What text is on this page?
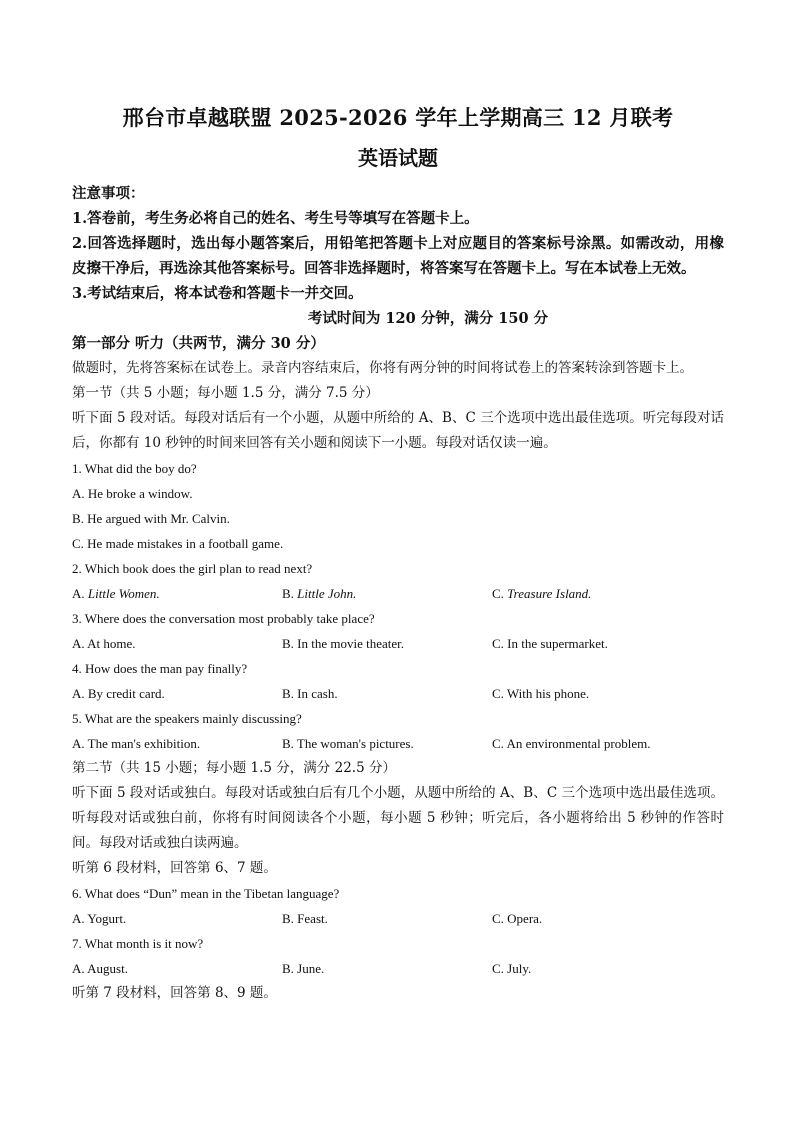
邢台市卓越联盟 2025-2026 学年上学期高三 12 月联考
英语试题
注意事项：
1.答卷前，考生务必将自己的姓名、考生号等填写在答题卡上。
2.回答选择题时，选出每小题答案后，用铅笔把答题卡上对应题目的答案标号涂黑。如需改动，用橡皮擦干净后，再选涂其他答案标号。回答非选择题时，将答案写在答题卡上。写在本试卷上无效。
3.考试结束后，将本试卷和答题卡一并交回。
考试时间为 120 分钟，满分 150 分
第一部分 听力（共两节，满分 30 分）
做题时，先将答案标在试卷上。录音内容结束后，你将有两分钟的时间将试卷上的答案转涂到答题卡上。
第一节（共 5 小题；每小题 1.5 分，满分 7.5 分）
听下面 5 段对话。每段对话后有一个小题，从题中所给的 A、B、C 三个选项中选出最佳选项。听完每段对话后，你都有 10 秒钟的时间来回答有关小题和阅读下一小题。每段对话仅读一遍。
1. What did the boy do?
A. He broke a window.
B. He argued with Mr. Calvin.
C. He made mistakes in a football game.
2. Which book does the girl plan to read next?
A. Little Women.	B. Little John.	C. Treasure Island.
3. Where does the conversation most probably take place?
A. At home.	B. In the movie theater.	C. In the supermarket.
4. How does the man pay finally?
A. By credit card.	B. In cash.	C. With his phone.
5. What are the speakers mainly discussing?
A. The man's exhibition.	B. The woman's pictures.	C. An environmental problem.
第二节（共 15 小题；每小题 1.5 分，满分 22.5 分）
听下面 5 段对话或独白。每段对话或独白后有几个小题，从题中所给的 A、B、C 三个选项中选出最佳选项。听每段对话或独白前，你将有时间阅读各个小题，每小题 5 秒钟；听完后，各小题将给出 5 秒钟的作答时间。每段对话或独白读两遍。
听第 6 段材料，回答第 6、7 题。
6. What does “Dun” mean in the Tibetan language?
A. Yogurt.	B. Feast.	C. Opera.
7. What month is it now?
A. August.	B. June.	C. July.
听第 7 段材料，回答第 8、9 题。
